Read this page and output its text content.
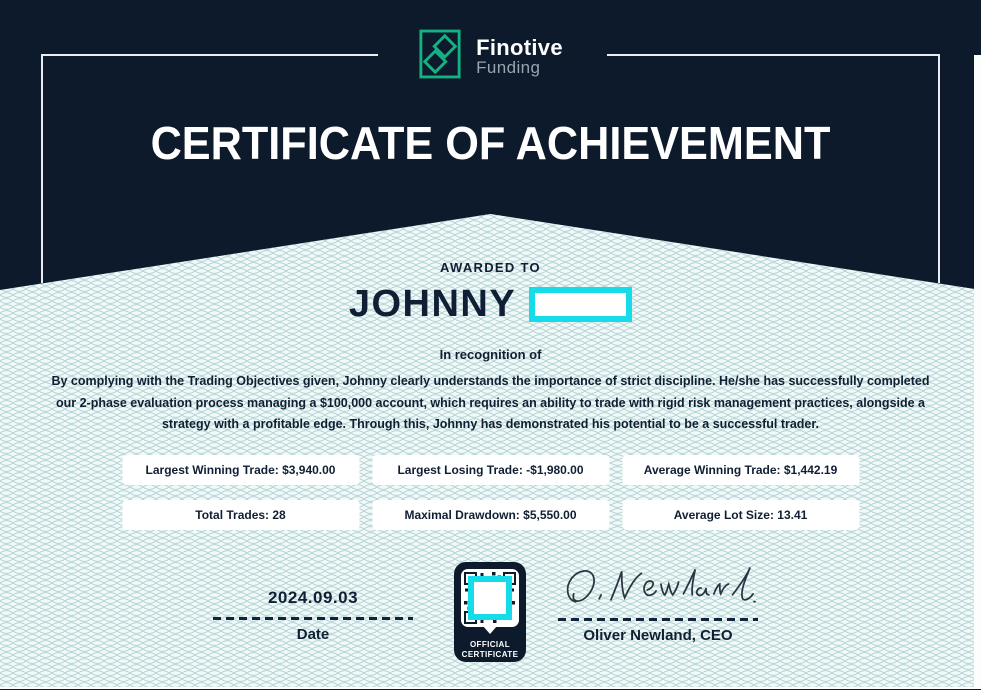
Finotive
Funding
CERTIFICATE OF ACHIEVEMENT
AWARDED TO
JOHNNY
In recognition of
By complying with the Trading Objectives given, Johnny clearly understands the importance of strict discipline. He/she has successfully completed our 2-phase evaluation process managing a $100,000 account, which requires an ability to trade with rigid risk management practices, alongside a strategy with a profitable edge. Through this, Johnny has demonstrated his potential to be a successful trader.
Largest Winning Trade: $3,940.00	Largest Losing Trade: -$1,980.00	Average Winning Trade: $1,442.19
Total Trades: 28	Maximal Drawdown: $5,550.00	Average Lot Size: 13.41
2024.09.03
Date
OFFICIAL
CERTIFICATE
Oliver Newland, CEO
